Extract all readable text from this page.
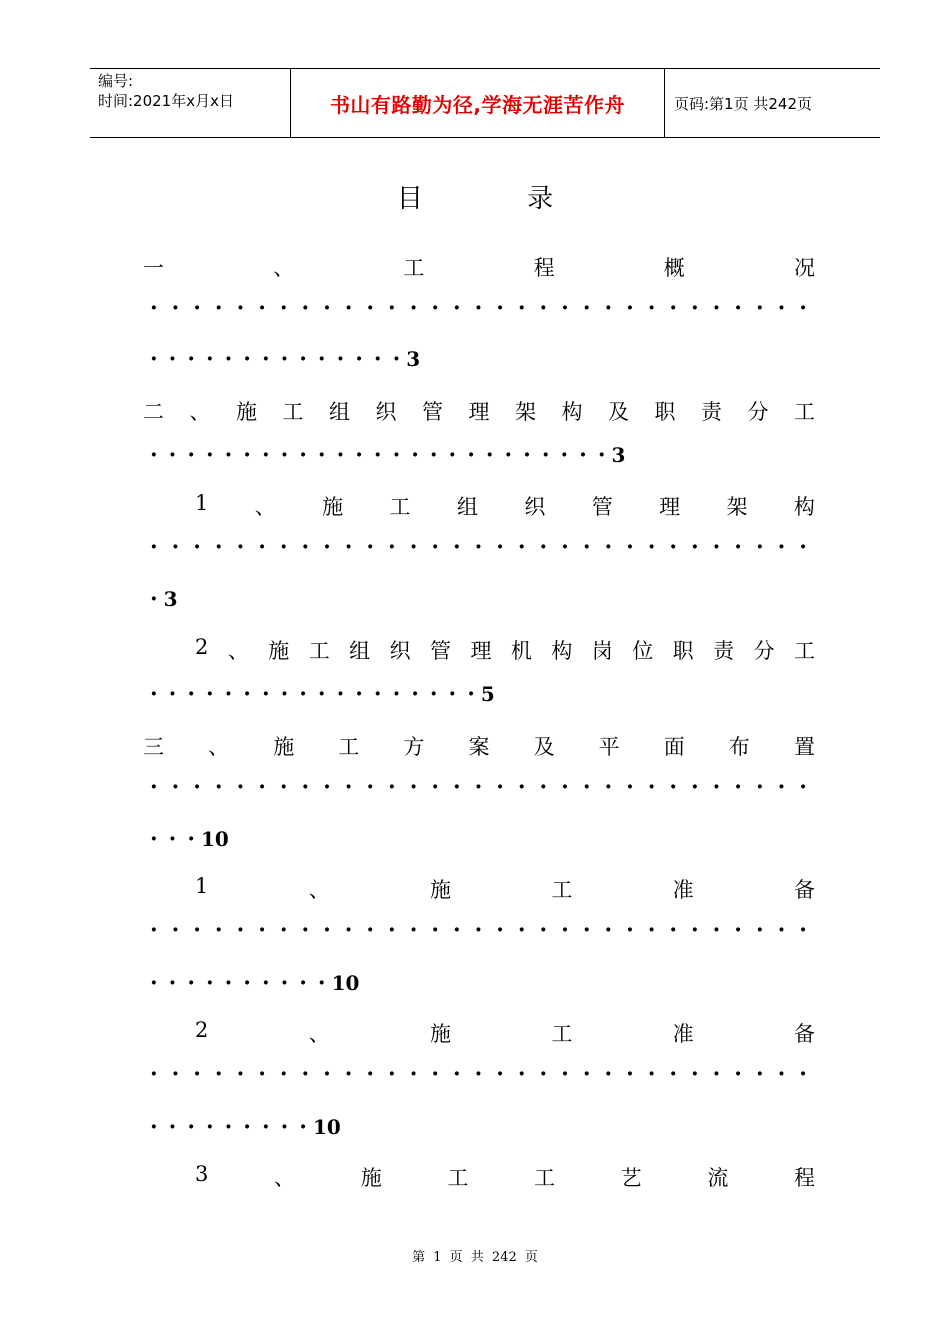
编号:
时间:2021年x月x日	书山有路勤为径,学海无涯苦作舟	页码:第1页 共242页
目	录
一	、	工	程	概	况
· · · · · · · · · · · · · · · · · · · · · · · · · · · · · · ·
· · · · · · · · · · · · · · 3
二 、 施 工 组 织 管 理 架 构 及 职 责 分 工
· · · · · · · · · · · · · · · · · · · · · · · · · 3
1 、 施 工 组 织 管 理 架 构
· · · · · · · · · · · · · · · · · · · · · · · · · · · · · · ·
· 3
2 、 施 工 组 织 管 理 机 构 岗 位 职 责 分 工
· · · · · · · · · · · · · · · · · · 5
三 、 施 工 方 案 及 平 面 布 置
· · · · · · · · · · · · · · · · · · · · · · · · · · · · · · ·
· · · 10
1	、	施	工	准	备
· · · · · · · · · · · · · · · · · · · · · · · · · · · · · · ·
· · · · · · · · · · 10
2	、	施	工	准	备
· · · · · · · · · · · · · · · · · · · · · · · · · · · · · · ·
· · · · · · · · · 10
3	、	施	工	工	艺	流	程
第 1 页 共 242 页
